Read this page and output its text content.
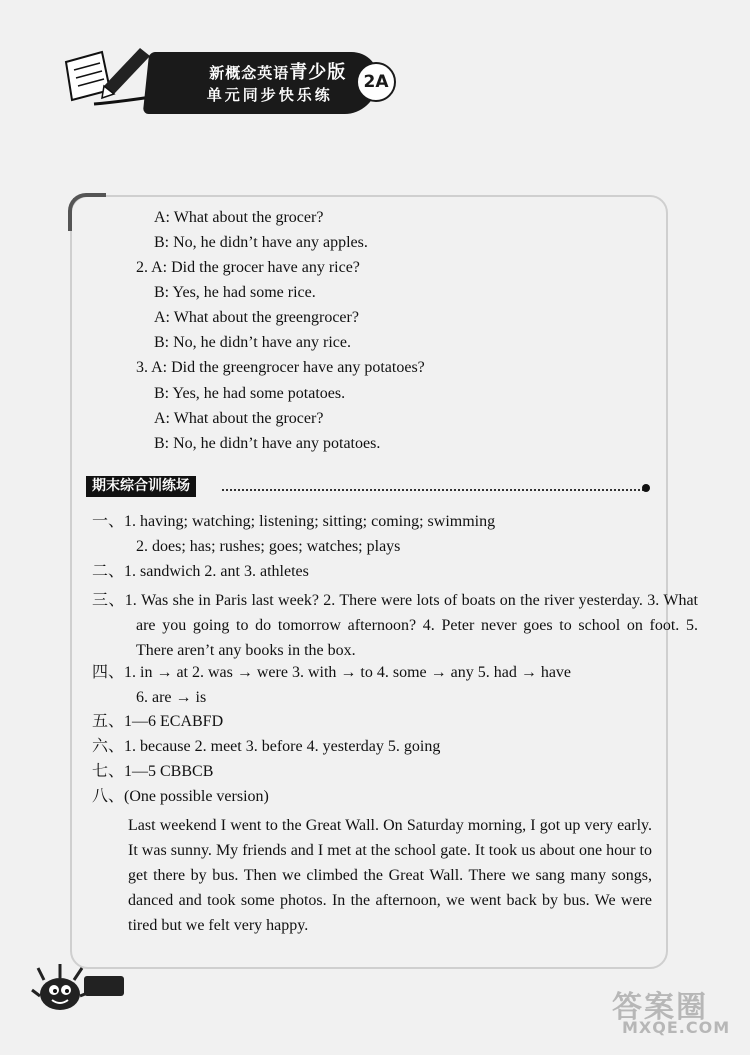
新概念英语青少版
单元同步快乐练
2A
A: What about the grocer?
B: No, he didn’t have any apples.
2. A: Did the grocer have any rice?
B: Yes, he had some rice.
A: What about the greengrocer?
B: No, he didn’t have any rice.
3. A: Did the greengrocer have any potatoes?
B: Yes, he had some potatoes.
A: What about the grocer?
B: No, he didn’t have any potatoes.
期末综合训练场
一、1. having; watching; listening; sitting; coming; swimming
2. does; has; rushes; goes; watches; plays
二、1. sandwich 2. ant 3. athletes
三、1. Was she in Paris last week? 2. There were lots of boats on the river yesterday. 3. What are you going to do tomorrow afternoon? 4. Peter never goes to school on foot. 5. There aren’t any books in the box.
四、1. in → at 2. was → were 3. with → to 4. some → any 5. had → have
6. are → is
五、1—6 ECABFD
六、1. because 2. meet 3. before 4. yesterday 5. going
七、1—5 CBBCB
八、(One possible version)
Last weekend I went to the Great Wall. On Saturday morning, I got up very early. It was sunny. My friends and I met at the school gate. It took us about one hour to get there by bus. Then we climbed the Great Wall. There we sang many songs, danced and took some photos. In the afternoon, we went back by bus. We were tired but we felt very happy.
答案圈
MXQE.COM
